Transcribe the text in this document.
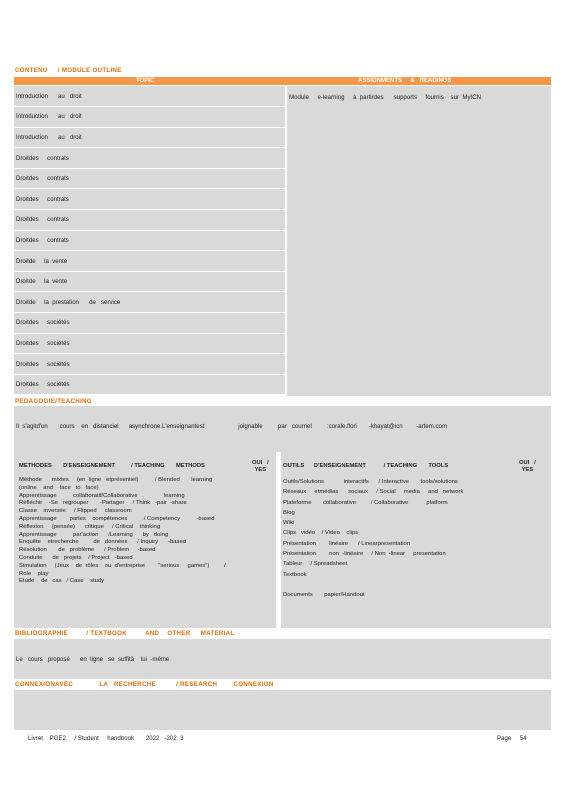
CONTENU     / MODULE OUTLINE
TOPIC	ASSIGNMENTS     &   READINGS
Introduction      au   droit	
Introduction      au   droit	
Introduction      au   droit	
Droitdes     contrats	
Droitdes     contrats	
Droitdes     contrats	
Droitdes     contrats	
Droitdes     contrats	
Droitde     la  vente	
Droitde     la  vente	
Droitde     la  prestation      de   service	
Droitdes     sociétés	
Droitdes     sociétés	
Droitdes     sociétés	
Droitdes     sociétés	
Module     e-learning     à  partirdes      supports     fournis    sur  MyICN
PEDAGOGIE/TEACHING
Il  s'agitd'un       cours    en   distanciel      asynchrone.L'enseignantest                    joignable         par   courriel         :corale.flori       -khayat@icn        -artem.com
METHODES       D'ENSEIGNEMENT          / TEACHING       METHODS	OUI   /
YES
Méthode      mixtes     (en  ligne   etprésentiel)          / Blended       learning
(online    and    face   to   face)
Apprentissage          collaboratif/Collaborative                learning
Réfléchir    -Se   regrouper       -Partager     / Think   -pair  -share
Classe    inversée     / Flipped     classroom
Apprentissage        parles    compétences          / Competency          -based
Réflexion     (pensée)      critique     / Critical    thinking
Apprentissage          par'action      /Learning      by   doing
Enquête    etrecherche         de   données      / Inquiry      -based
Résolution       de   problème      / Problem     -based
Conduite      de   projets    / Project   -based
Simulation     (Jeux    de  rôles    ou  d'entreprise        "serious     games")         /
Role    play
Etude    de   cas   / Case    study
OUTILS      D'ENSEIGNEMENT           / TEACHING       TOOLS	OUI   /
YES
Outils/Solutions            interactifs      / Interactive       tools/solutions
Réseaux     etmédias      sociaux     / Social     media     and   network
Plateforme       collaborative         / Collaborative           platform
Blog
Wiki
Clips   vidéo    / Video    clips
Présentation        linéaire      / Linearpresentation
Présentation        non  -linéaire     / Non  -linear     presentation
Tableur     / Spreadsheet
Textbook
Documents       papier/Handout
BIBLIOGRAPHIE         / TEXTBOOK         AND    OTHER     MATERIAL
Le   cours   proposé      en  ligne   se  suffità    lui  -même
CONNEXIONAVEC             LA   RECHERCHE          / RESEARCH        CONNEXION
Livret    PGE2     / Student     handbook       2022   -202  3	Page     54
